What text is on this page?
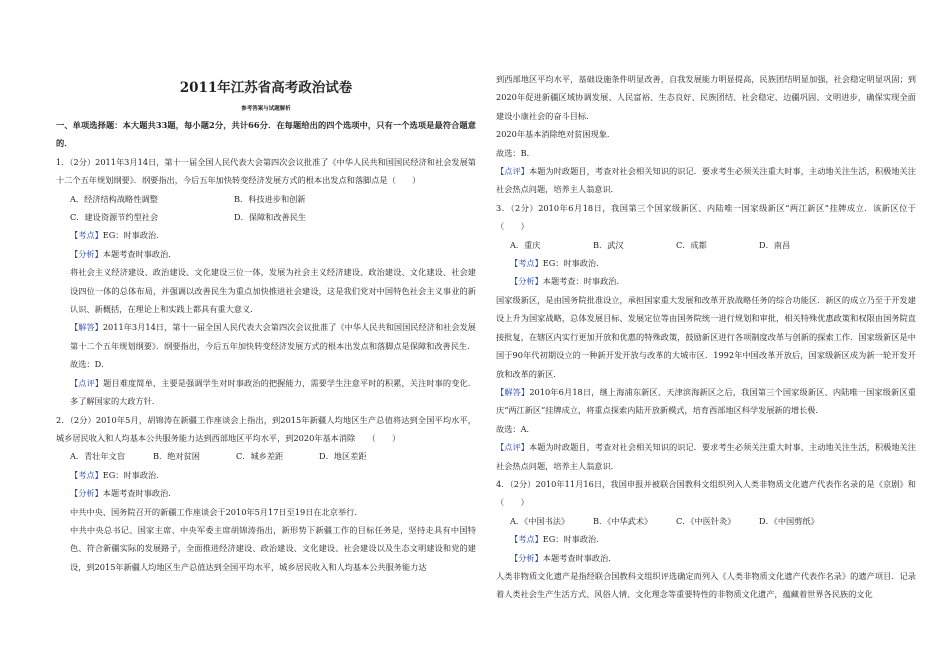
2011年江苏省高考政治试卷
参考答案与试题解析

一、单项选择题：本大题共33题，每小题2分，共计66分．在每题给出的四个选项中，只有一个选项是最符合题意的．

1．（2分）2011年3月14日，第十一届全国人民代表大会第四次会议批准了《中华人民共和国国民经济和社会发展第十二个五年规划纲要》．纲要指出，今后五年加快转变经济发展方式的根本出发点和落脚点是（　　）

A．经济结构战略性调整	B．科技进步和创新
C．建设资源节约型社会	D．保障和改善民生

【考点】EG：时事政治．

【分析】本题考查时事政治．

将社会主义经济建设、政治建设、文化建设三位一体，发展为社会主义经济建设、政治建设、文化建设、社会建设四位一体的总体布局，并强调以改善民生为重点加快推进社会建设，这是我们党对中国特色社会主义事业的新认识、新概括，在理论上和实践上都具有重大意义．

【解答】2011年3月14日，第十一届全国人民代表大会第四次会议批准了《中华人民共和国国民经济和社会发展第十二个五年规划纲要》．纲要指出，今后五年加快转变经济发展方式的根本出发点和落脚点是保障和改善民生．

故选：D．

【点评】题目难度简单，主要是强调学生对时事政治的把握能力，需要学生注意平时的积累，关注时事的变化．多了解国家的大政方针．

2．（2分）2010年5月，胡锦涛在新疆工作座谈会上指出，到2015年新疆人均地区生产总值将达到全国平均水平，城乡居民收入和人均基本公共服务能力达到西部地区平均水平，到2020年基本消除　　（　　）

A．青壮年文盲	B．绝对贫困	C．城乡差距	D．地区差距

【考点】EG：时事政治．

【分析】本题考查时事政治．

中共中央、国务院召开的新疆工作座谈会于2010年5月17日至19日在北京举行．

中共中央总书记、国家主席、中央军委主席胡锦涛指出，新形势下新疆工作的目标任务是，坚持走具有中国特色、符合新疆实际的发展路子，全面推进经济建设、政治建设、文化建设、社会建设以及生态文明建设和党的建设，到2015年新疆人均地区生产总值达到全国平均水平，城乡居民收入和人均基本公共服务能力达

到西部地区平均水平，基础设施条件明显改善，自我发展能力明显提高，民族团结明显加强，社会稳定明显巩固；到2020年促进新疆区域协调发展、人民富裕、生态良好、民族团结、社会稳定、边疆巩固、文明进步，确保实现全面建设小康社会的奋斗目标．

2020年基本消除绝对贫困现象．

故选：B．

【点评】本题为时政题目，考查对社会相关知识的识记．要求考生必须关注重大时事，主动地关注生活，积极地关注社会热点问题，培养主人翁意识．

3．（2分）2010年6月18日，我国第三个国家级新区、内陆唯一国家级新区“两江新区”挂牌成立．该新区位于（　　）

A．重庆	B．武汉	C．成都	D．南昌

【考点】EG：时事政治．

【分析】本题考查：时事政治．

国家级新区，是由国务院批准设立，承担国家重大发展和改革开放战略任务的综合功能区．新区的成立乃至于开发建设上升为国家战略，总体发展目标、发展定位等由国务院统一进行规划和审批，相关特殊优惠政策和权限由国务院直接批复，在辖区内实行更加开放和优惠的特殊政策，鼓励新区进行各项制度改革与创新的探索工作．国家级新区是中国于90年代初期设立的一种新开发开放与改革的大城市区．1992年中国改革开放后，国家级新区成为新一轮开发开放和改革的新区．

【解答】2010年6月18日，继上海浦东新区、天津滨海新区之后，我国第三个国家级新区、内陆唯一国家级新区重庆“两江新区”挂牌成立，将重点探索内陆开放新模式，培育西部地区科学发展新的增长极．

故选：A．

【点评】本题为时政题目，考查对社会相关知识的识记．要求考生必须关注重大时事，主动地关注生活，积极地关注社会热点问题，培养主人翁意识．

4．（2分）2010年11月16日，我国申报并被联合国教科文组织列入人类非物质文化遗产代表作名录的是《京剧》和　　（　　）

A．《中国书法》	B．《中华武术》	C．《中医针灸》	D．《中国剪纸》

【考点】EG：时事政治．

【分析】本题考查时事政治．

人类非物质文化遗产是指经联合国教科文组织评选确定而列入《人类非物质文化遗产代表作名录》的遗产项目．记录着人类社会生产生活方式、风俗人情、文化理念等重要特性的非物质文化遗产，蕴藏着世界各民族的文化
